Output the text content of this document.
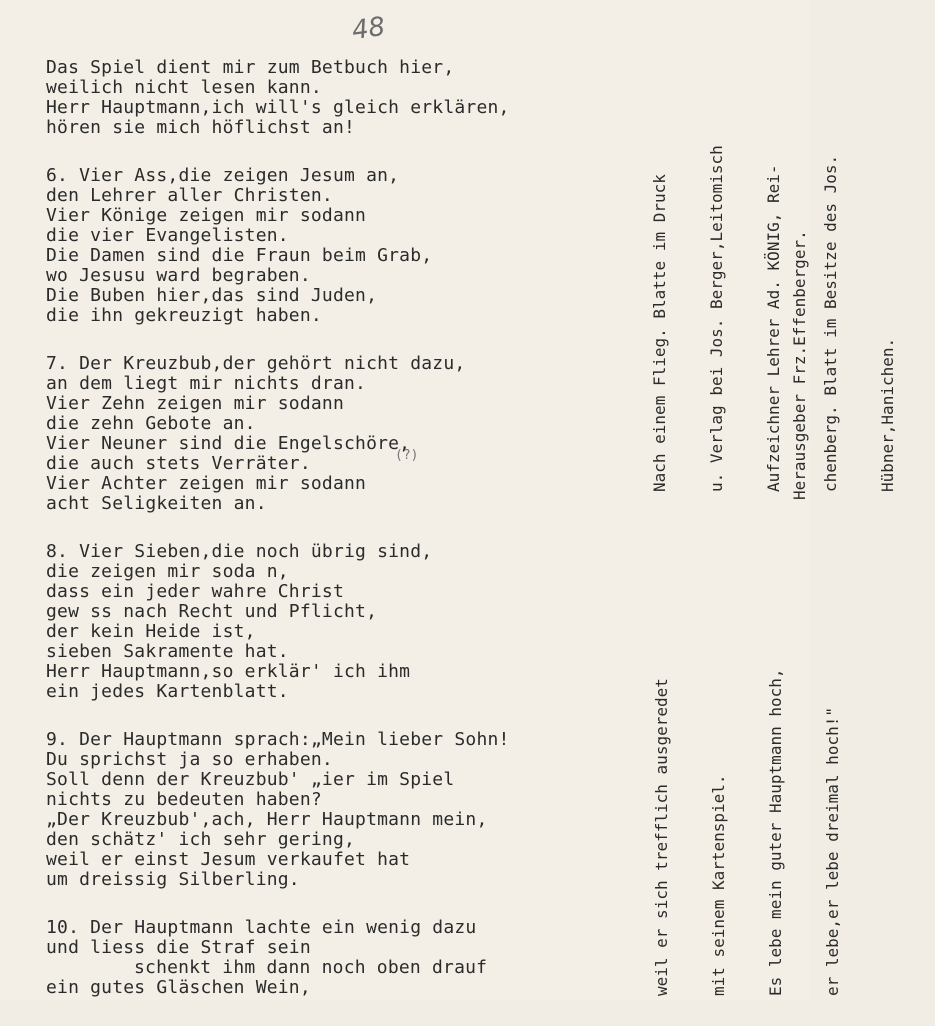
48
Das Spiel dient mir zum Betbuch hier,
weilich nicht lesen kann.
Herr Hauptmann,ich will's gleich erklären,
hören sie mich höflichst an!
6. Vier Ass,die zeigen Jesum an,
den Lehrer aller Christen.
Vier Könige zeigen mir sodann
die vier Evangelisten.
Die Damen sind die Fraun beim Grab,
wo Jesusu ward begraben.
Die Buben hier,das sind Juden,
die ihn gekreuzigt haben.
7. Der Kreuzbub,der gehört nicht dazu,
an dem liegt mir nichts dran.
Vier Zehn zeigen mir sodann
die zehn Gebote an.
Vier Neuner sind die Engelschöre,
die auch stets Verräter.
Vier Achter zeigen mir sodann
acht Seligkeiten an.
8. Vier Sieben,die noch übrig sind,
die zeigen mir soda n,
dass ein jeder wahre Christ
gew ss nach Recht und Pflicht,
der kein Heide ist,
sieben Sakramente hat.
Herr Hauptmann,so erklär' ich ihm
ein jedes Kartenblatt.
9. Der Hauptmann sprach:„Mein lieber Sohn!
Du sprichst ja so erhaben.
Soll denn der Kreuzbub' „ier im Spiel
nichts zu bedeuten haben?
„Der Kreuzbub',ach, Herr Hauptmann mein,
den schätz' ich sehr gering,
weil er einst Jesum verkaufet hat
um dreissig Silberling.
10. Der Hauptmann lachte ein wenig dazu
und liess die Straf sein
schenkt ihm dann noch oben drauf
ein gutes Gläschen Wein,
(?)

	Nach einem Flieg. Blatte im Druck

u. Verlag bei Jos. Berger,Leitomisch

Aufzeichner Lehrer Ad. KÖNIG, Rei-

chenberg. Blatt im Besitze des Jos.

Hübner,Hanichen.

Herausgeber Frz.Effenberger.

weil er sich trefflich ausgeredet

mit seinem Kartenspiel.

Es lebe mein guter Hauptmann hoch,

er lebe,er lebe dreimal hoch!"
